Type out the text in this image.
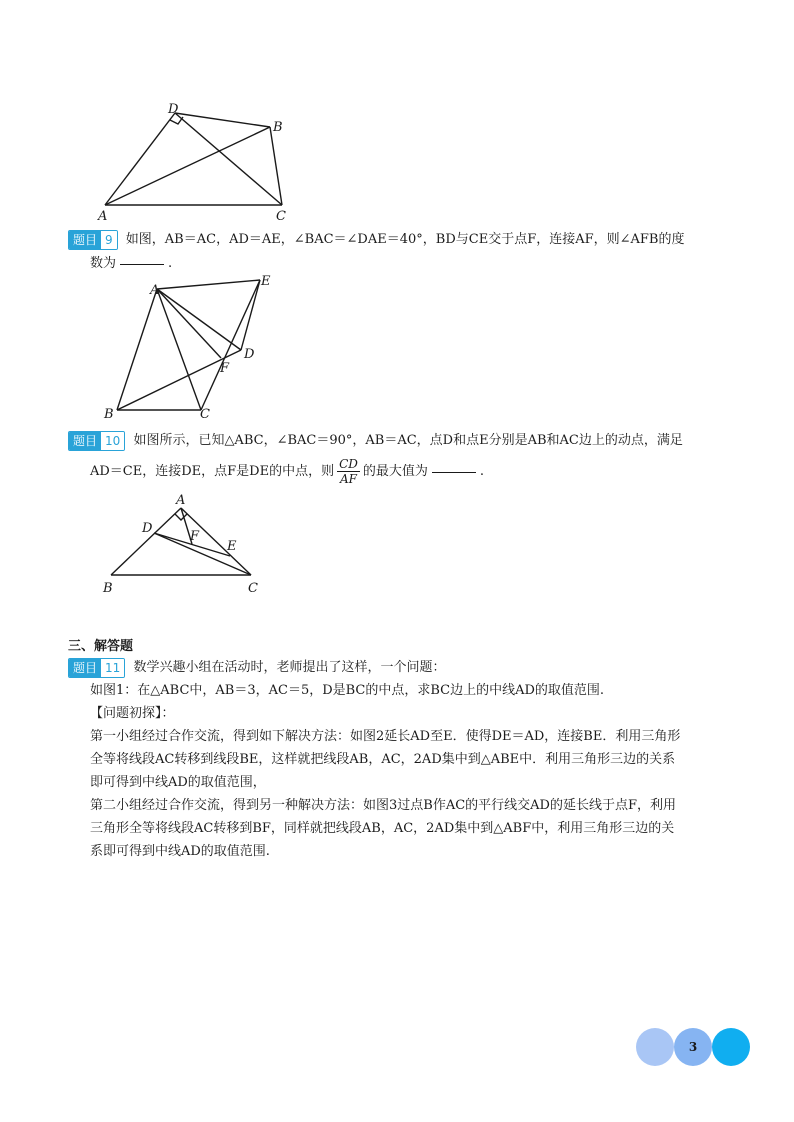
A
B
C
D
题目 9	如图，AB＝AC，AD＝AE，∠BAC＝∠DAE＝40°，BD与CE交于点F，连接AF，则∠AFB的度
数为	.
A
B	C
D
E
F
题目 10	如图所示，已知△ABC，∠BAC＝90°，AB＝AC，点D和点E分别是AB和AC边上的动点，满足
AD＝CE，连接DE，点F是DE的中点，则 $\frac{CD}{AF}$ 的最大值为	.
A
B	C
D
E
F
三、解答题
题目 11	数学兴趣小组在活动时，老师提出了这样，一个问题：
如图1：在△ABC中，AB＝3，AC＝5，D是BC的中点，求BC边上的中线AD的取值范围.
【问题初探】：
第一小组经过合作交流，得到如下解决方法：如图2延长AD至E．使得DE＝AD，连接BE．利用三角形
全等将线段AC转移到线段BE，这样就把线段AB，AC，2AD集中到△ABE中．利用三角形三边的关系
即可得到中线AD的取值范围，
第二小组经过合作交流，得到另一种解决方法：如图3过点B作AC的平行线交AD的延长线于点F，利用
三角形全等将线段AC转移到BF，同样就把线段AB，AC，2AD集中到△ABF中，利用三角形三边的关
系即可得到中线AD的取值范围.
3
